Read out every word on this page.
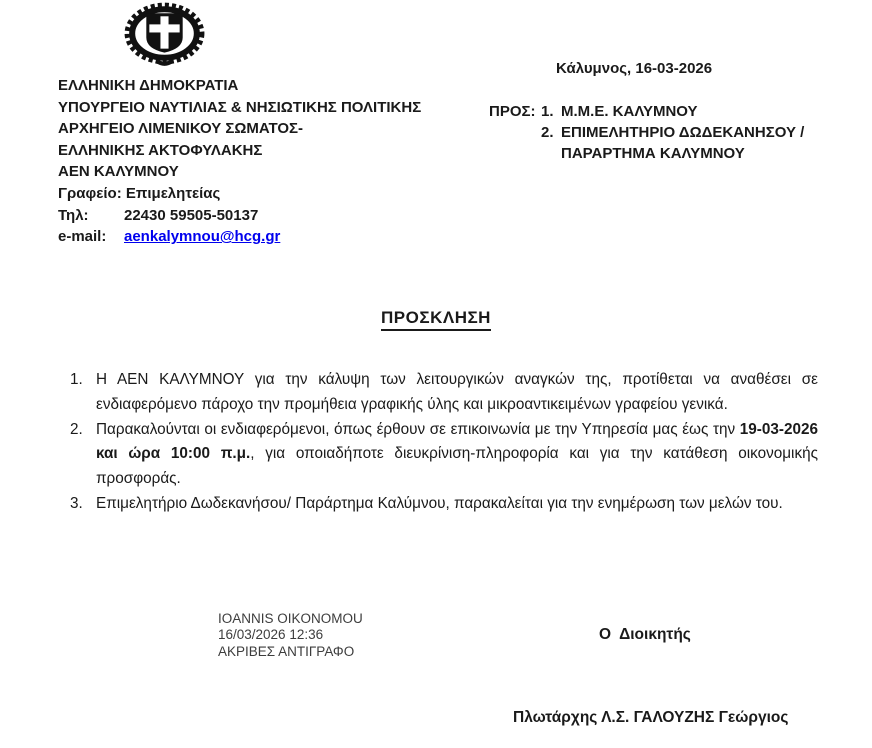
ΕΛΛΗΝΙΚΗ ΔΗΜΟΚΡΑΤΙΑ
ΥΠΟΥΡΓΕΙΟ ΝΑΥΤΙΛΙΑΣ & ΝΗΣΙΩΤΙΚΗΣ ΠΟΛΙΤΙΚΗΣ
ΑΡΧΗΓΕΙΟ ΛΙΜΕΝΙΚΟΥ ΣΩΜΑΤΟΣ-
ΕΛΛΗΝΙΚΗΣ ΑΚΤΟΦΥΛΑΚΗΣ
ΑΕΝ ΚΑΛΥΜΝΟΥ
Γραφείο: Επιμελητείας
Τηλ:	22430 59505-50137
e-mail:	aenkalymnou@hcg.gr
Κάλυμνος, 16-03-2026
ΠΡΟΣ: 1. Μ.Μ.Ε. ΚΑΛΥΜΝΟΥ
2. ΕΠΙΜΕΛΗΤΗΡΙΟ ΔΩΔΕΚΑΝΗΣΟΥ /
ΠΑΡΑΡΤΗΜΑ ΚΑΛΥΜΝΟΥ
ΠΡΟΣΚΛΗΣΗ
1. Η ΑΕΝ ΚΑΛΥΜΝΟΥ για την κάλυψη των λειτουργικών αναγκών της, προτίθεται να αναθέσει σε ενδιαφερόμενο πάροχο την προμήθεια γραφικής ύλης και μικροαντικειμένων γραφείου γενικά.

2. Παρακαλούνται οι ενδιαφερόμενοι, όπως έρθουν σε επικοινωνία με την Υπηρεσία μας έως την 19-03-2026 και ώρα 10:00 π.μ., για οποιαδήποτε διευκρίνιση-πληροφορία και για την κατάθεση οικονομικής προσφοράς.

3. Επιμελητήριο Δωδεκανήσου/ Παράρτημα Καλύμνου, παρακαλείται για την ενημέρωση των μελών του.

IOANNIS OIKONOMOU
16/03/2026 12:36
ΑΚΡΙΒΕΣ ΑΝΤΙΓΡΑΦΟ
Ο  Διοικητής
Πλωτάρχης Λ.Σ. ΓΑΛΟΥΖΗΣ Γεώργιος
